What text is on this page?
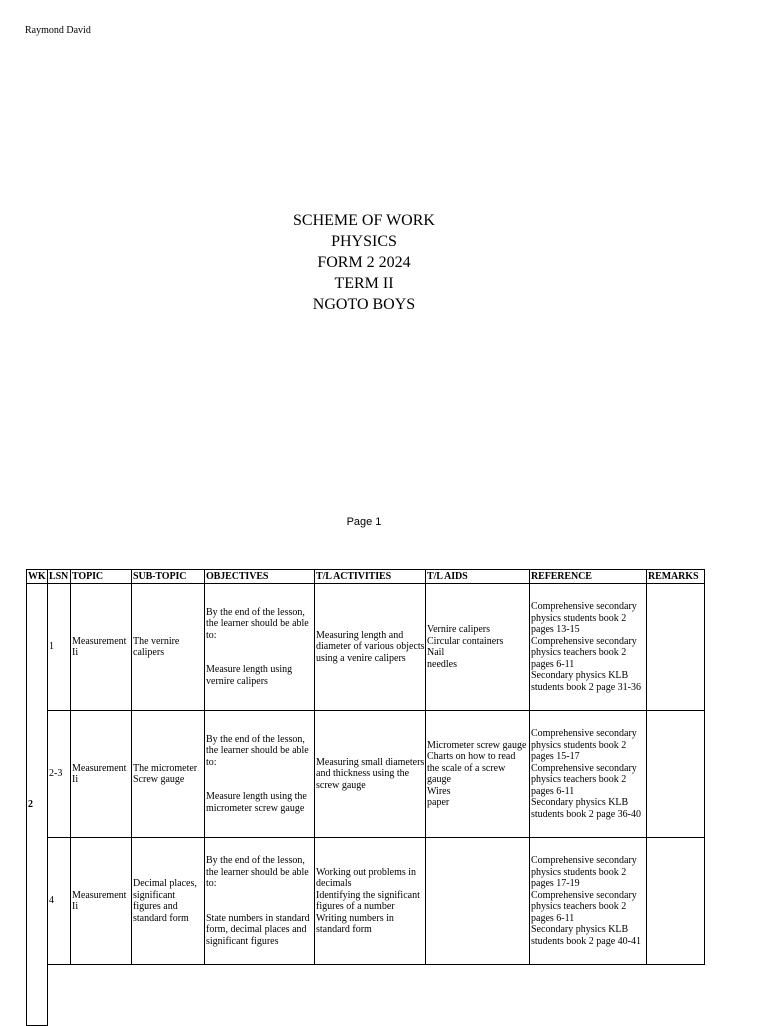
Raymond David
SCHEME OF WORK
PHYSICS
FORM 2 2024
TERM II
NGOTO BOYS
Page 1
WK	LSN	TOPIC	SUB-TOPIC	OBJECTIVES	T/L ACTIVITIES	T/L AIDS	REFERENCE	REMARKS
2	1	Measurement Ii	The vernire calipers	By the end of the lesson, the learner should be able to:
Measure length using vernire calipers	Measuring length and diameter of various objects using a venire calipers	Vernire calipers
Circular containers
Nail
needles	Comprehensive secondary physics students book 2 pages 13-15
Comprehensive secondary physics teachers book 2 pages 6-11
Secondary physics KLB students book 2 page 31-36	

	2-3	Measurement Ii	The micrometer Screw gauge	By the end of the lesson, the learner should be able to:
Measure length using the micrometer screw gauge	Measuring small diameters and thickness using the screw gauge	Micrometer screw gauge
Charts on how to read the scale of a screw gauge
Wires
paper	Comprehensive secondary physics students book 2 pages 15-17
Comprehensive secondary physics teachers book 2 pages 6-11
Secondary physics KLB students book 2 page 36-40	

	4	Measurement Ii	Decimal places, significant figures and standard form	By the end of the lesson, the learner should be able to:
State numbers in standard form, decimal places and significant figures	Working out problems in decimals
Identifying the significant figures of a number
Writing numbers in standard form		Comprehensive secondary physics students book 2 pages 17-19
Comprehensive secondary physics teachers book 2 pages 6-11
Secondary physics KLB students book 2 page 40-41	
